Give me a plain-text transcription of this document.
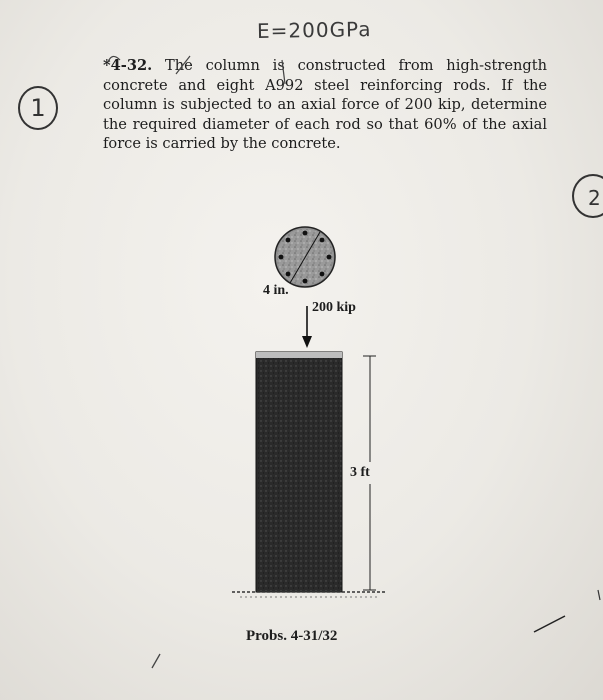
E=200GPa
1
2
*4-32. The column is constructed from high-strength concrete and eight A992 steel reinforcing rods. If the column is subjected to an axial force of 200 kip, determine the required diameter of each rod so that 60% of the axial force is carried by the concrete.
4 in.
200 kip
3 ft
Probs. 4-31/32
